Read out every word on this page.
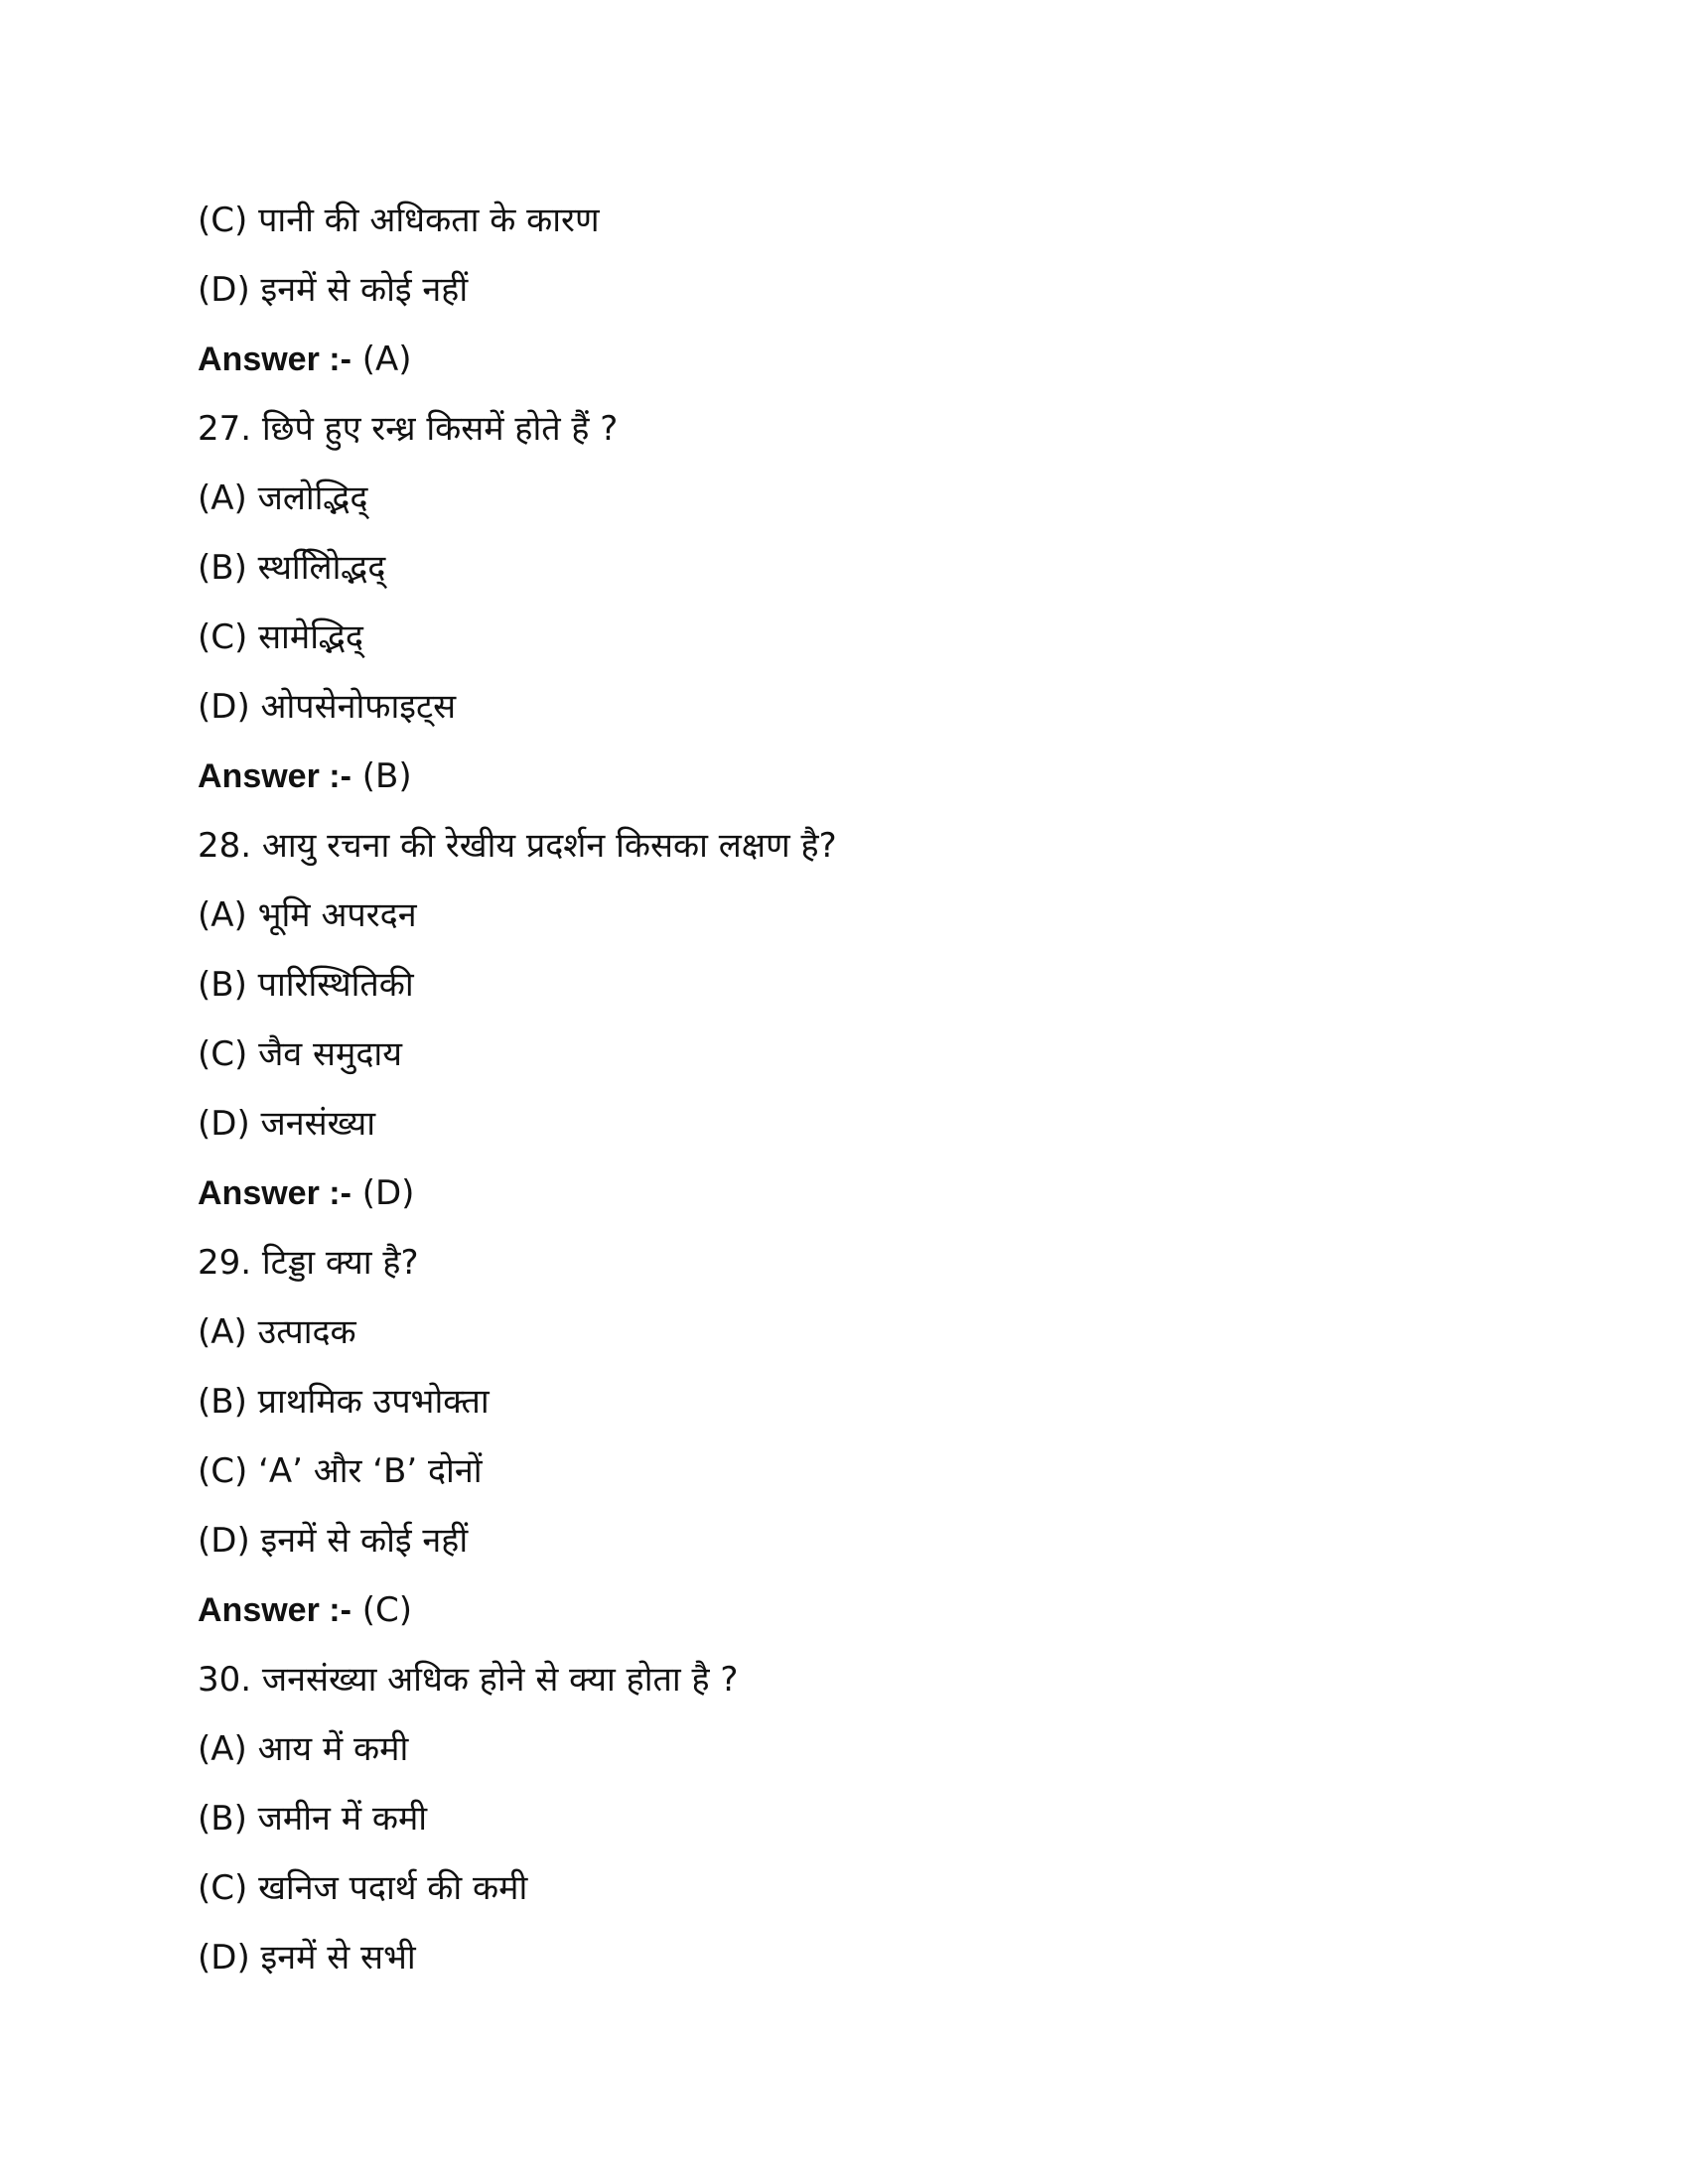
(C) पानी की अधिकता के कारण
(D) इनमें से कोई नहीं
Answer :- (A)
27. छिपे हुए रन्ध्र किसमें होते हैं ?
(A) जलोद्भिद्
(B) स्थलोििद्भद्
(C) सामेद्भिद्
(D) ओपसेनोफाइट्स
Answer :- (B)
28. आयु रचना की रेखीय प्रदर्शन किसका लक्षण है?
(A) भूमि अपरदन
(B) पारिस्थितिकी
(C) जैव समुदाय
(D) जनसंख्या
Answer :- (D)
29. टिड्डा क्या है?
(A) उत्पादक
(B) प्राथमिक उपभोक्ता
(C) ‘A’ और ‘B’ दोनों
(D) इनमें से कोई नहीं
Answer :- (C)
30. जनसंख्या अधिक होने से क्या होता है ?
(A) आय में कमी
(B) जमीन में कमी
(C) खनिज पदार्थ की कमी
(D) इनमें से सभी
